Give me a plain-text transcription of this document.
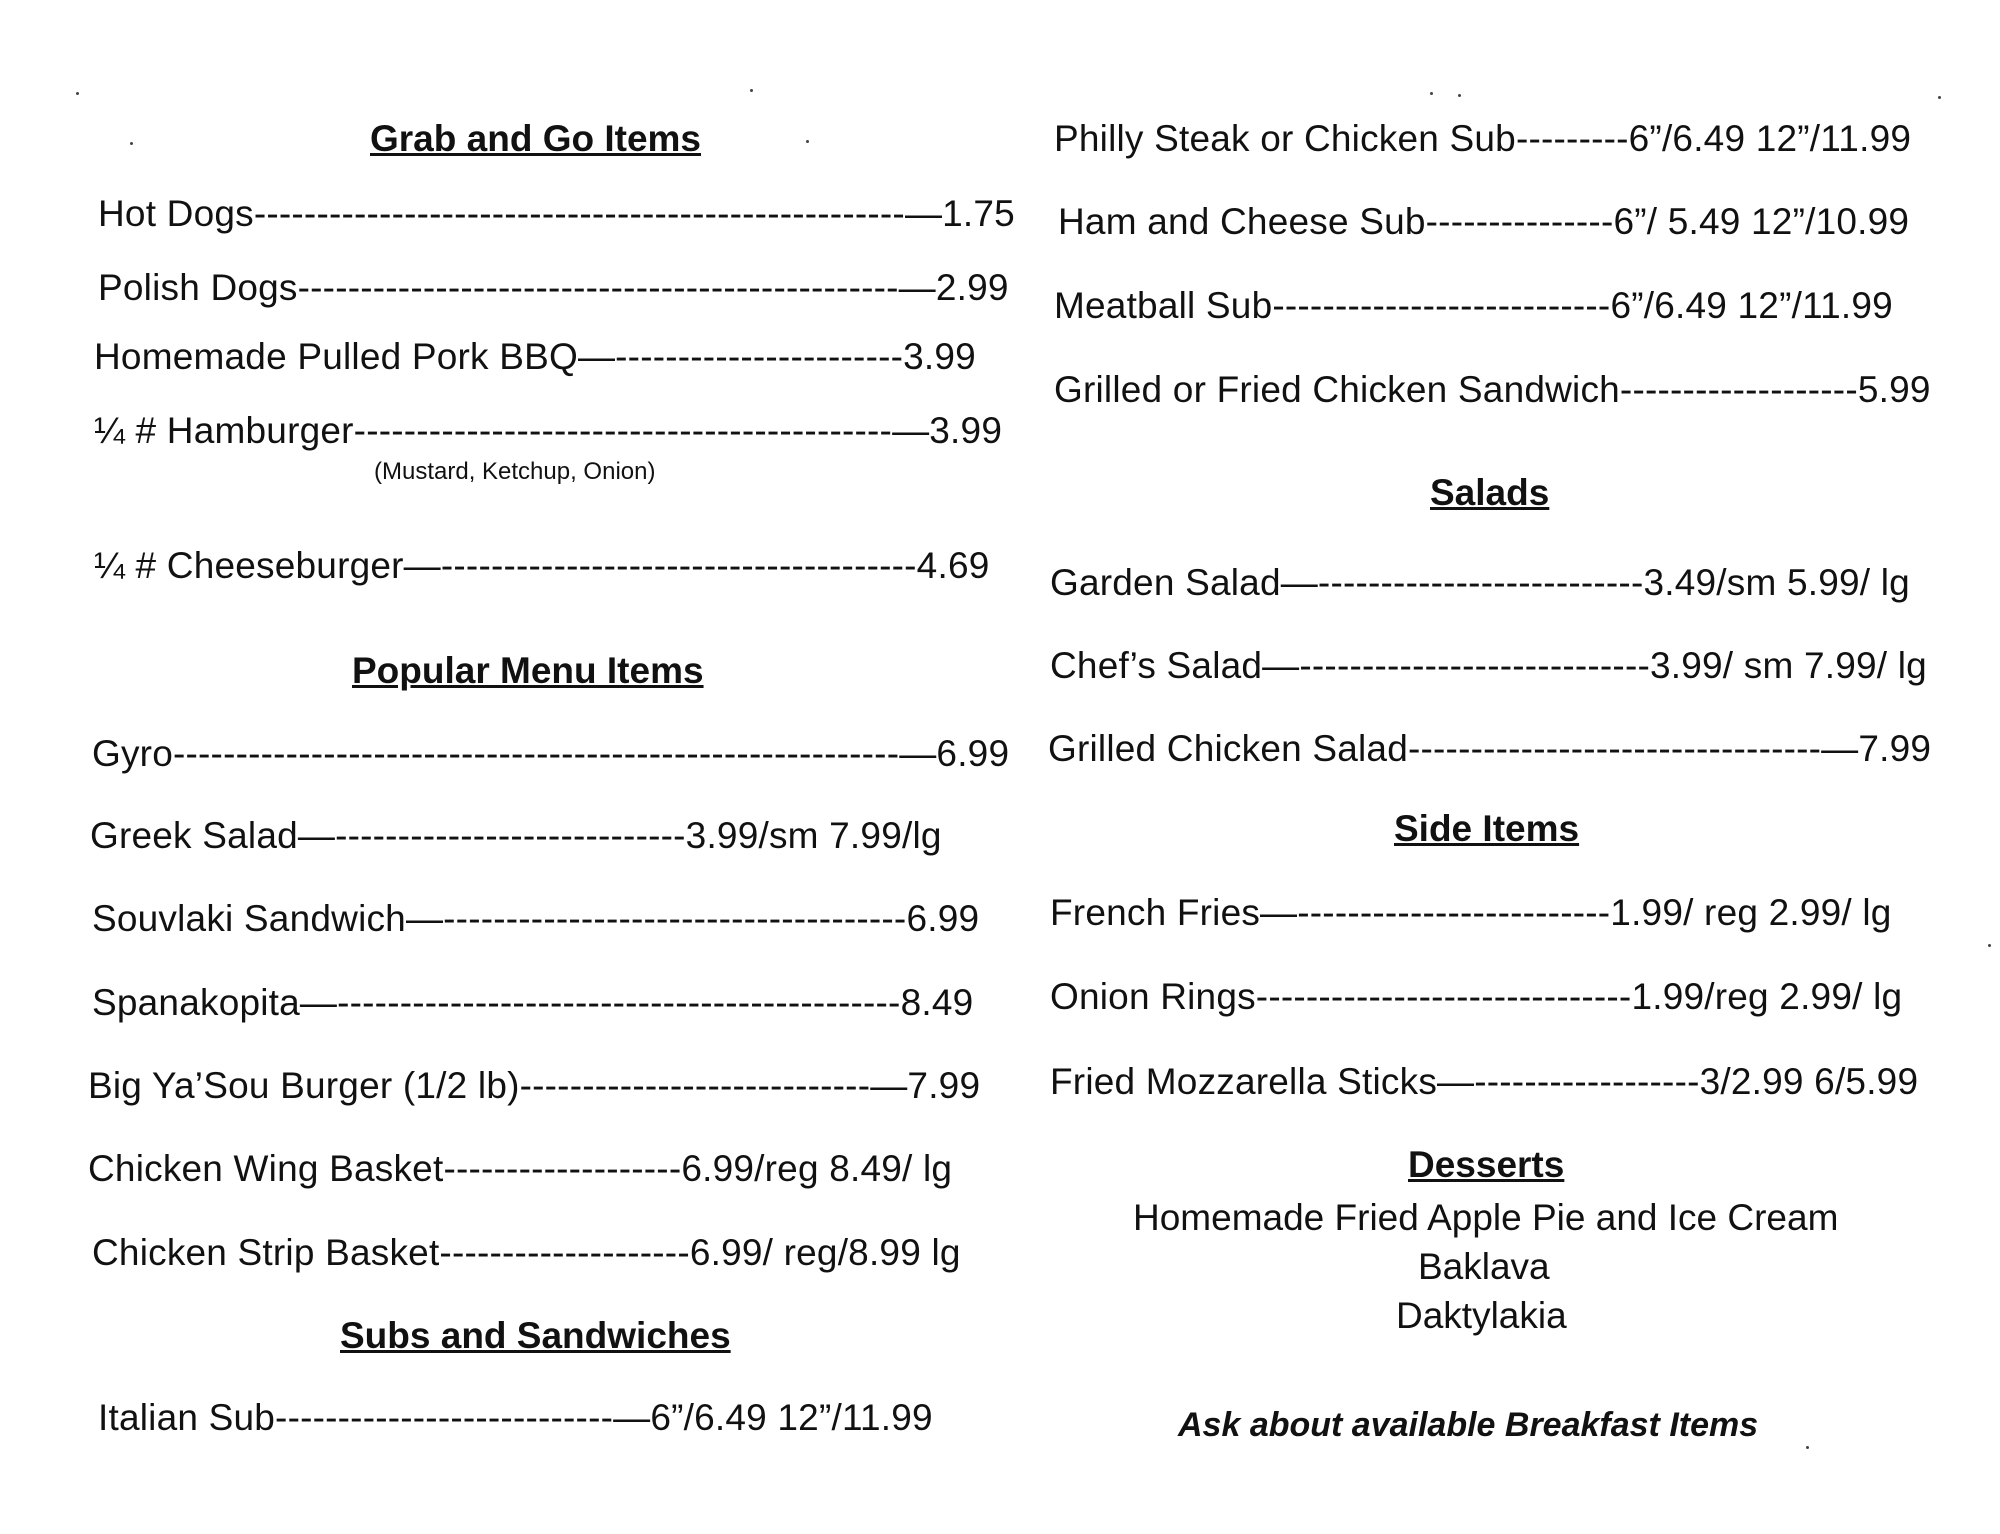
Grab and Go Items
Hot Dogs----------------------------------------------------—1.75
Polish Dogs------------------------------------------------—2.99
Homemade Pulled Pork BBQ—-----------------------3.99
¼ # Hamburger-------------------------------------------—3.99
(Mustard, Ketchup, Onion)
¼ # Cheeseburger—--------------------------------------4.69
Popular Menu Items
Gyro----------------------------------------------------------—6.99
Greek Salad—----------------------------3.99/sm 7.99/lg
Souvlaki Sandwich—-------------------------------------6.99
Spanakopita—---------------------------------------------8.49
Big Ya’Sou Burger (1/2 lb)----------------------------—7.99
Chicken Wing Basket-------------------6.99/reg 8.49/ lg
Chicken Strip Basket--------------------6.99/ reg/8.99 lg
Subs and Sandwiches
Italian Sub---------------------------—6”/6.49 12”/11.99
Philly Steak or Chicken Sub---------6”/6.49 12”/11.99
Ham and Cheese Sub---------------6”/ 5.49 12”/10.99
Meatball Sub---------------------------6”/6.49 12”/11.99
Grilled or Fried Chicken Sandwich-------------------5.99
Salads
Garden Salad—--------------------------3.49/sm 5.99/ lg
Chef’s Salad—----------------------------3.99/ sm 7.99/ lg
Grilled Chicken Salad---------------------------------—7.99
Side Items
French Fries—-------------------------1.99/ reg 2.99/ lg
Onion Rings------------------------------1.99/reg 2.99/ lg
Fried Mozzarella Sticks—------------------3/2.99 6/5.99
Desserts
Homemade Fried Apple Pie and Ice Cream
Baklava
Daktylakia
Ask about available Breakfast Items
